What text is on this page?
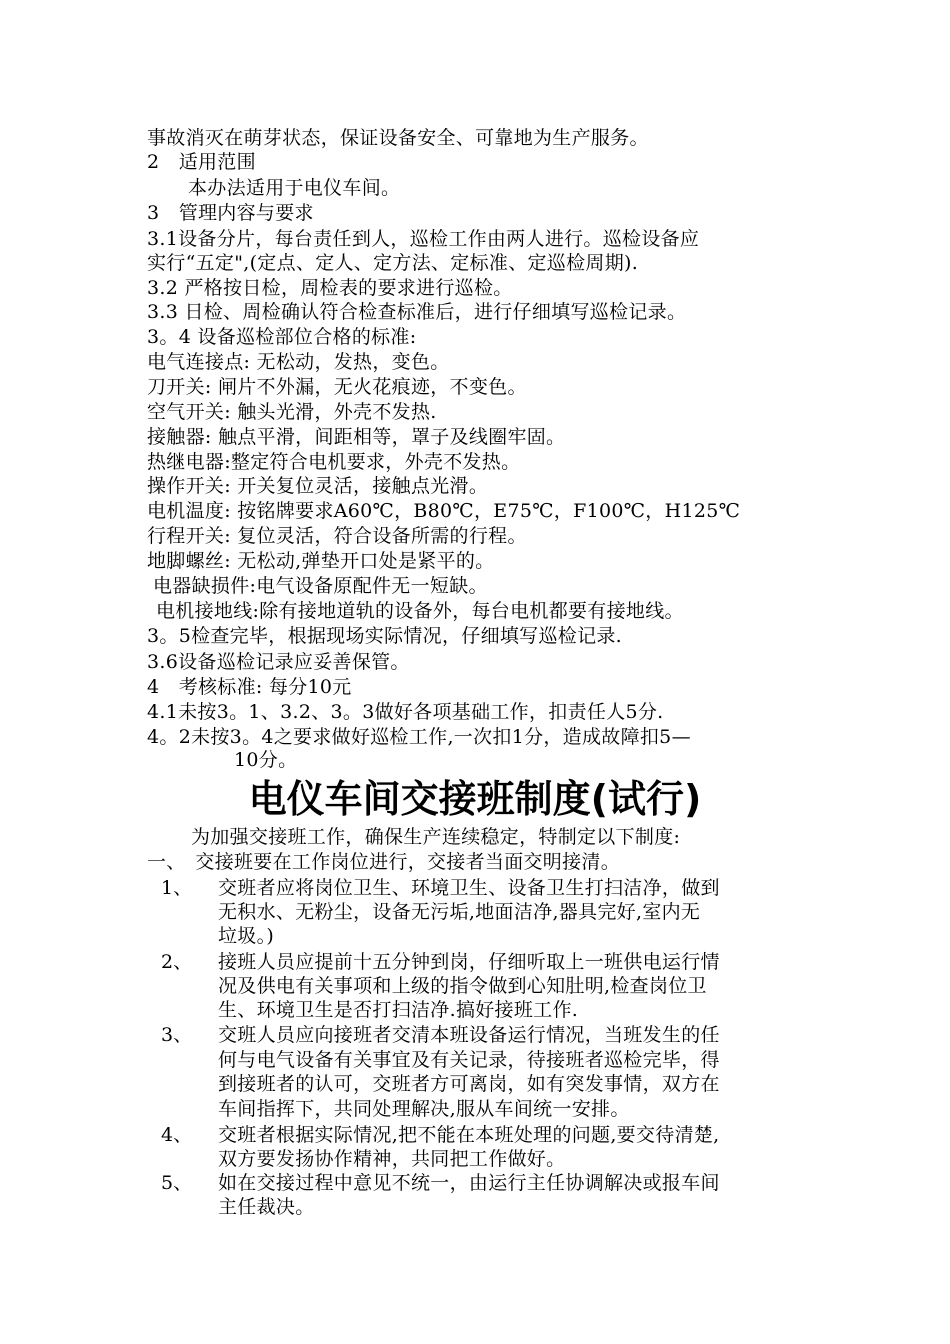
事故消灭在萌芽状态，保证设备安全、可靠地为生产服务。
2　适用范围
本办法适用于电仪车间。
3　管理内容与要求
3.1设备分片，每台责任到人，巡检工作由两人进行。巡检设备应
实行“五定",(定点、定人、定方法、定标准、定巡检周期).
3.2 严格按日检，周检表的要求进行巡检。
3.3 日检、周检确认符合检查标准后，进行仔细填写巡检记录。
3。4 设备巡检部位合格的标准:
电气连接点: 无松动，发热，变色。
刀开关: 闸片不外漏，无火花痕迹，不变色。
空气开关: 触头光滑，外壳不发热.
接触器: 触点平滑，间距相等，罩子及线圈牢固。
热继电器:整定符合电机要求，外壳不发热。
操作开关: 开关复位灵活，接触点光滑。
电机温度: 按铭牌要求A60℃，B80℃，E75℃，F100℃，H125℃
行程开关: 复位灵活，符合设备所需的行程。
地脚螺丝: 无松动,弹垫开口处是紧平的。
电器缺损件:电气设备原配件无一短缺。
电机接地线:除有接地道轨的设备外，每台电机都要有接地线。
3。5检查完毕，根据现场实际情况，仔细填写巡检记录.
3.6设备巡检记录应妥善保管。
4　考核标准: 每分10元
4.1未按3。1、3.2、3。3做好各项基础工作，扣责任人5分.
4。2未按3。4之要求做好巡检工作,一次扣1分，造成故障扣5—
10分。
电仪车间交接班制度(试行)
为加强交接班工作，确保生产连续稳定，特制定以下制度:
一、　交接班要在工作岗位进行，交接者当面交明接清。
1、 交班者应将岗位卫生、环境卫生、设备卫生打扫洁净，做到
无积水、无粉尘，设备无污垢,地面洁净,器具完好,室内无
垃圾。)
2、 接班人员应提前十五分钟到岗，仔细听取上一班供电运行情
况及供电有关事项和上级的指令做到心知肚明,检查岗位卫
生、环境卫生是否打扫洁净.搞好接班工作.
3、 交班人员应向接班者交清本班设备运行情况，当班发生的任
何与电气设备有关事宜及有关记录，待接班者巡检完毕，得
到接班者的认可，交班者方可离岗，如有突发事情，双方在
车间指挥下，共同处理解决,服从车间统一安排。
4、 交班者根据实际情况,把不能在本班处理的问题,要交待清楚,
双方要发扬协作精神，共同把工作做好。
5、 如在交接过程中意见不统一，由运行主任协调解决或报车间
主任裁决。
